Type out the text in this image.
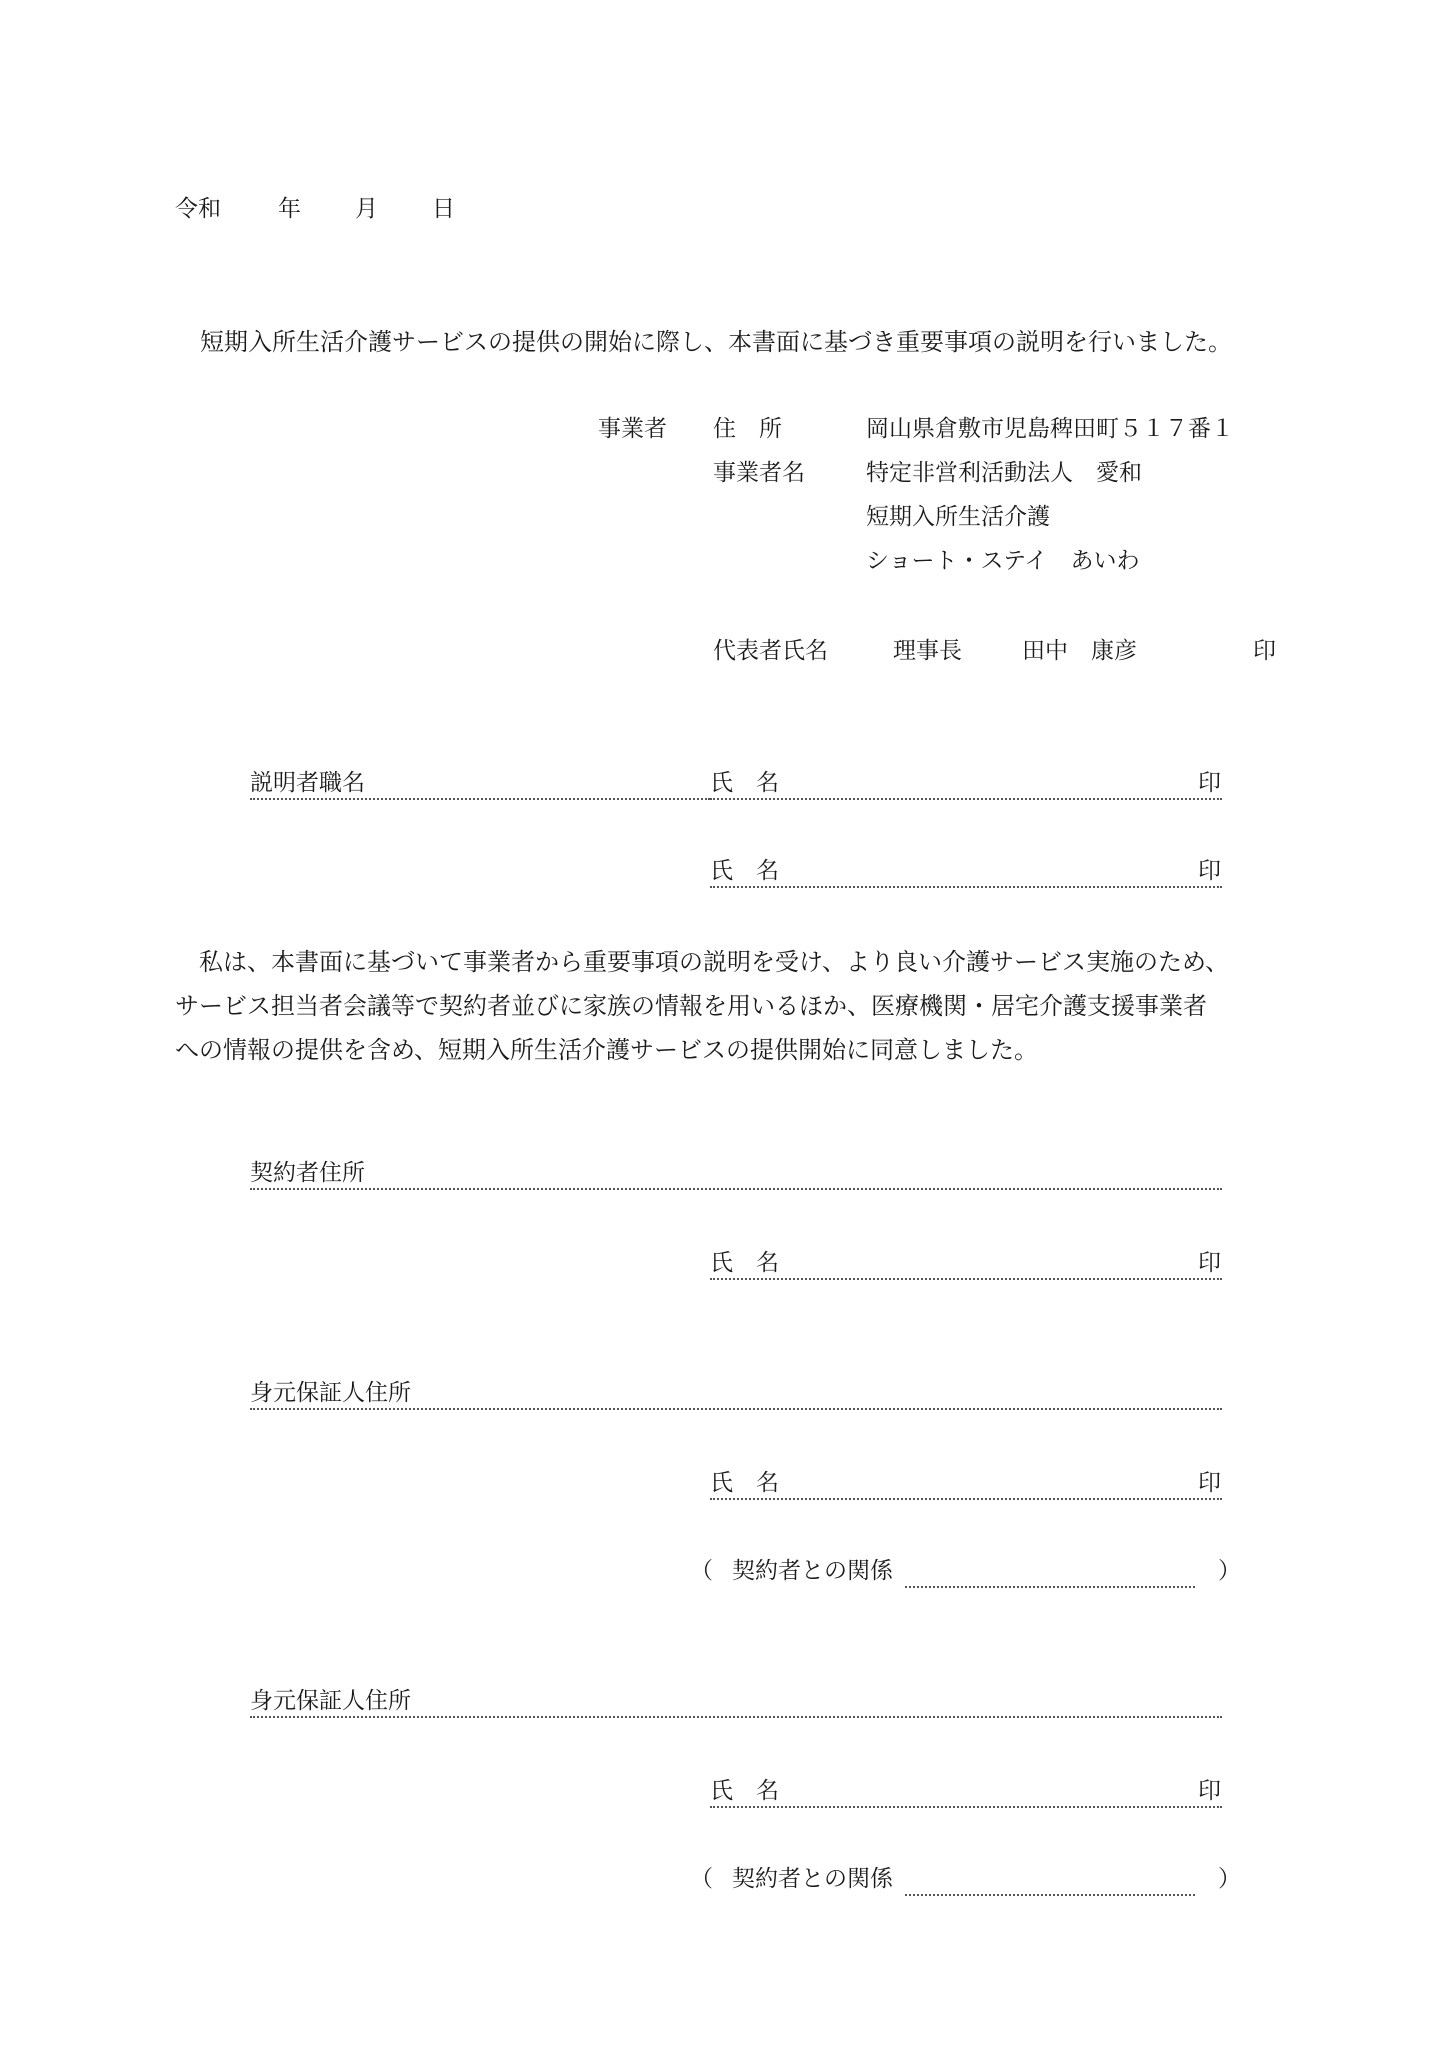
令和 年 月 日
短期入所生活介護サービスの提供の開始に際し、本書面に基づき重要事項の説明を行いました。
事業者 住　所	岡山県倉敷市児島稗田町５１７番１
事業者名	特定非営利活動法人　愛和
短期入所生活介護
ショート・ステイ　あいわ
代表者氏名	理事長	田中　康彦	印
説明者職名	氏　名	印
氏　名	印

私は、本書面に基づいて事業者から重要事項の説明を受け、より良い介護サービス実施のため、

サービス担当者会議等で契約者並びに家族の情報を用いるほか、医療機関・居宅介護支援事業者

への情報の提供を含め、短期入所生活介護サービスの提供開始に同意しました。

契約者住所
氏　名	印
身元保証人住所
氏　名	印
（ 契約者との関係	）
身元保証人住所
氏　名	印
（ 契約者との関係	）
